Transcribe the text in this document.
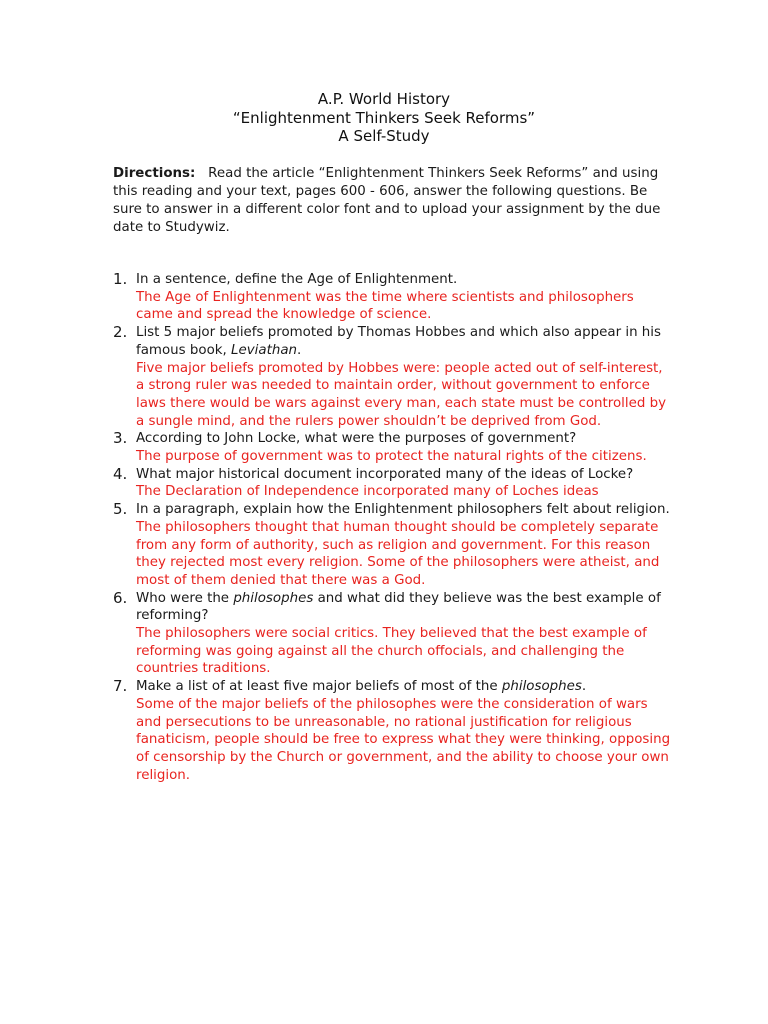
A.P. World History
“Enlightenment Thinkers Seek Reforms”
A Self-Study
Directions: Read the article “Enlightenment Thinkers Seek Reforms” and using this reading and your text, pages 600 - 606, answer the following questions. Be sure to answer in a different color font and to upload your assignment by the due date to Studywiz.
1. In a sentence, define the Age of Enlightenment.
The Age of Enlightenment was the time where scientists and philosophers came and spread the knowledge of science.
2. List 5 major beliefs promoted by Thomas Hobbes and which also appear in his famous book, Leviathan.
Five major beliefs promoted by Hobbes were: people acted out of self-interest, a strong ruler was needed to maintain order, without government to enforce laws there would be wars against every man, each state must be controlled by a sungle mind, and the rulers power shouldn’t be deprived from God.
3. According to John Locke, what were the purposes of government?
The purpose of government was to protect the natural rights of the citizens.
4. What major historical document incorporated many of the ideas of Locke?
The Declaration of Independence incorporated many of Loches ideas
5. In a paragraph, explain how the Enlightenment philosophers felt about religion.
The philosophers thought that human thought should be completely separate from any form of authority, such as religion and government. For this reason they rejected most every religion. Some of the philosophers were atheist, and most of them denied that there was a God.
6. Who were the philosophes and what did they believe was the best example of reforming?
The philosophers were social critics. They believed that the best example of reforming was going against all the church offocials, and challenging the countries traditions.
7. Make a list of at least five major beliefs of most of the philosophes.
Some of the major beliefs of the philosophes were the consideration of wars and persecutions to be unreasonable, no rational justification for religious fanaticism, people should be free to express what they were thinking, opposing of censorship by the Church or government, and the ability to choose your own religion.
